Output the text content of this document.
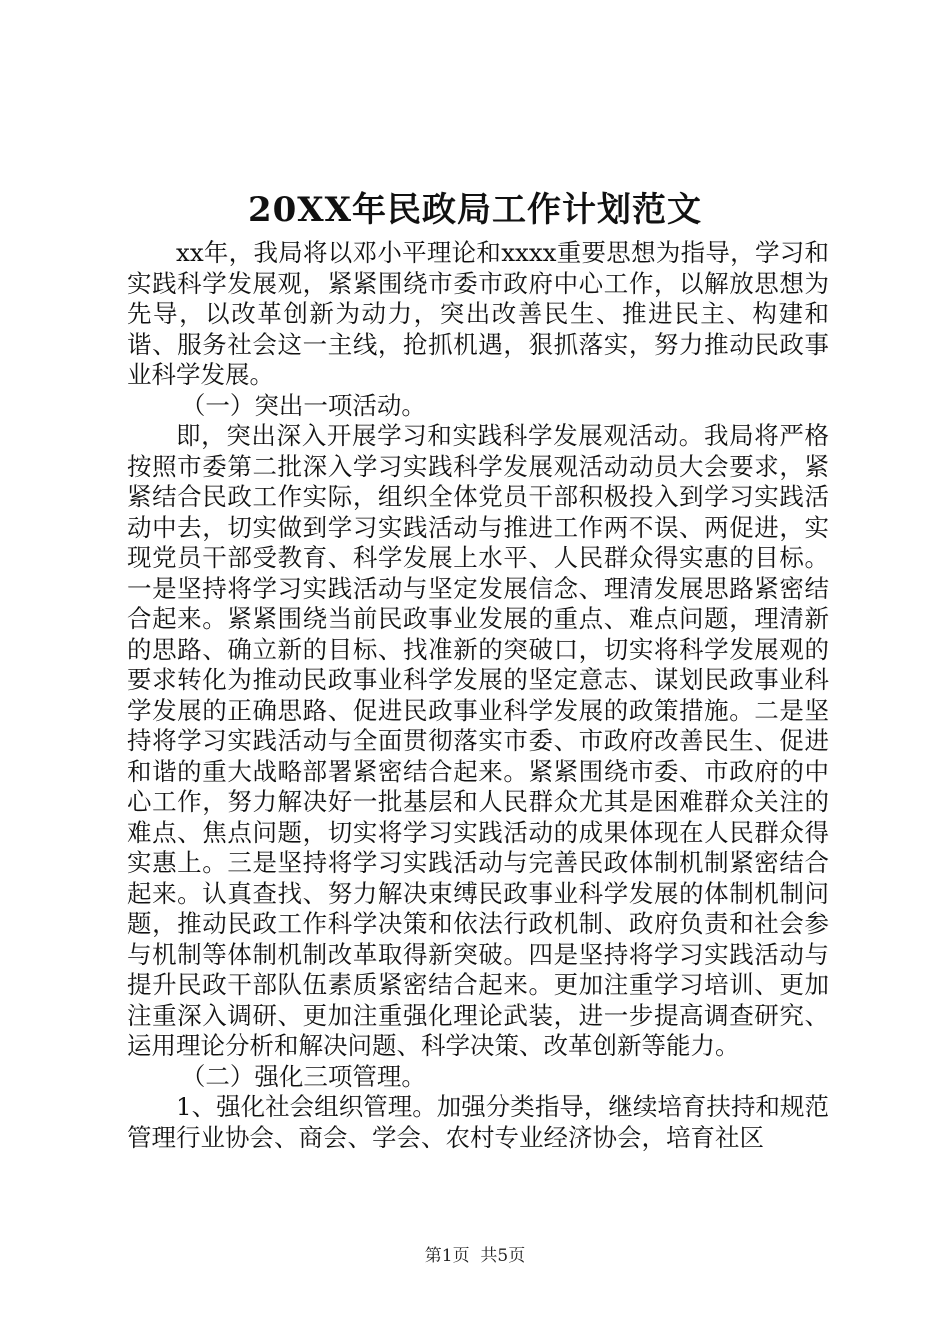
20XX年民政局工作计划范文

xx年，我局将以邓小平理论和xxxx重要思想为指导，学习和实践科学发展观，紧紧围绕市委市政府中心工作，以解放思想为先导，以改革创新为动力，突出改善民生、推进民主、构建和谐、服务社会这一主线，抢抓机遇，狠抓落实，努力推动民政事业科学发展。

（一）突出一项活动。

即，突出深入开展学习和实践科学发展观活动。我局将严格按照市委第二批深入学习实践科学发展观活动动员大会要求，紧紧结合民政工作实际，组织全体党员干部积极投入到学习实践活动中去，切实做到学习实践活动与推进工作两不误、两促进，实现党员干部受教育、科学发展上水平、人民群众得实惠的目标。一是坚持将学习实践活动与坚定发展信念、理清发展思路紧密结合起来。紧紧围绕当前民政事业发展的重点、难点问题，理清新的思路、确立新的目标、找准新的突破口，切实将科学发展观的要求转化为推动民政事业科学发展的坚定意志、谋划民政事业科学发展的正确思路、促进民政事业科学发展的政策措施。二是坚持将学习实践活动与全面贯彻落实市委、市政府改善民生、促进和谐的重大战略部署紧密结合起来。紧紧围绕市委、市政府的中心工作，努力解决好一批基层和人民群众尤其是困难群众关注的难点、焦点问题，切实将学习实践活动的成果体现在人民群众得实惠上。三是坚持将学习实践活动与完善民政体制机制紧密结合起来。认真查找、努力解决束缚民政事业科学发展的体制机制问题，推动民政工作科学决策和依法行政机制、政府负责和社会参与机制等体制机制改革取得新突破。四是坚持将学习实践活动与提升民政干部队伍素质紧密结合起来。更加注重学习培训、更加注重深入调研、更加注重强化理论武装，进一步提高调查研究、运用理论分析和解决问题、科学决策、改革创新等能力。

（二）强化三项管理。

1、强化社会组织管理。加强分类指导，继续培育扶持和规范管理行业协会、商会、学会、农村专业经济协会，培育社区

第1页 共5页
